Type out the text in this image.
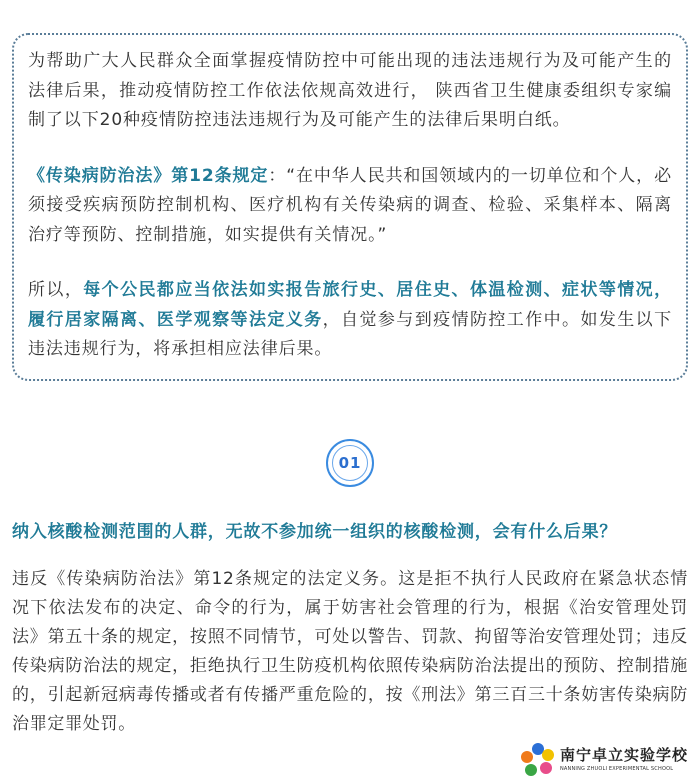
为帮助广大人民群众全面掌握疫情防控中可能出现的违法违规行为及可能产生的法律后果，推动疫情防控工作依法依规高效进行， 陕西省卫生健康委组织专家编制了以下20种疫情防控违法违规行为及可能产生的法律后果明白纸。

《传染病防治法》第12条规定：“在中华人民共和国领域内的一切单位和个人，必须接受疾病预防控制机构、医疗机构有关传染病的调查、检验、采集样本、隔离治疗等预防、控制措施，如实提供有关情况。”

所以，每个公民都应当依法如实报告旅行史、居住史、体温检测、症状等情况，履行居家隔离、医学观察等法定义务，自觉参与到疫情防控工作中。如发生以下违法违规行为，将承担相应法律后果。

01

纳入核酸检测范围的人群，无故不参加统一组织的核酸检测，会有什么后果？

违反《传染病防治法》第12条规定的法定义务。这是拒不执行人民政府在紧急状态情况下依法发布的决定、命令的行为，属于妨害社会管理的行为，根据《治安管理处罚法》第五十条的规定，按照不同情节，可处以警告、罚款、拘留等治安管理处罚；违反传染病防治法的规定，拒绝执行卫生防疫机构依照传染病防治法提出的预防、控制措施的，引起新冠病毒传播或者有传播严重危险的，按《刑法》第三百三十条妨害传染病防治罪定罪处罚。

南宁卓立实验学校
NANNING ZHUOLI EXPERIMENTAL SCHOOL
